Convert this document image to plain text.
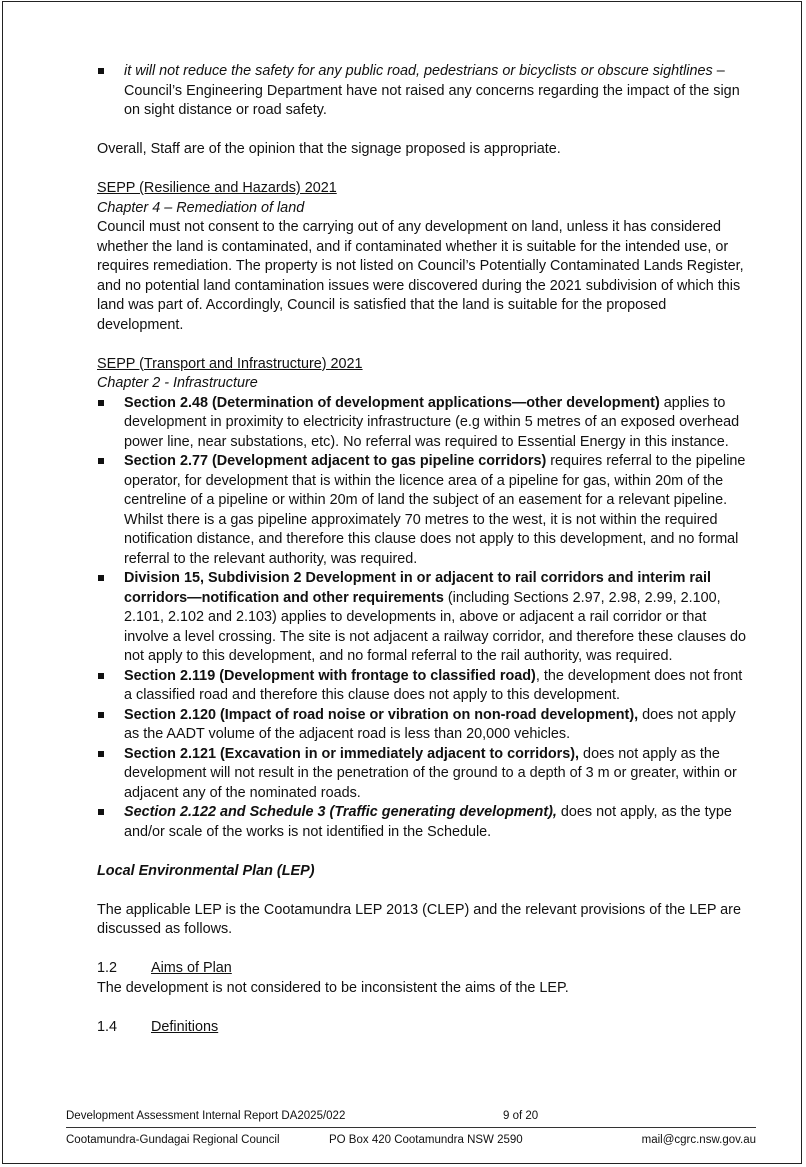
it will not reduce the safety for any public road, pedestrians or bicyclists or obscure sightlines – Council’s Engineering Department have not raised any concerns regarding the impact of the sign on sight distance or road safety.

Overall, Staff are of the opinion that the signage proposed is appropriate.

SEPP (Resilience and Hazards) 2021

Chapter 4 – Remediation of land

Council must not consent to the carrying out of any development on land, unless it has considered whether the land is contaminated, and if contaminated whether it is suitable for the intended use, or requires remediation. The property is not listed on Council’s Potentially Contaminated Lands Register, and no potential land contamination issues were discovered during the 2021 subdivision of which this land was part of. Accordingly, Council is satisfied that the land is suitable for the proposed development.

SEPP (Transport and Infrastructure) 2021

Chapter 2 - Infrastructure

Section 2.48 (Determination of development applications—other development) applies to development in proximity to electricity infrastructure (e.g within 5 metres of an exposed overhead power line, near substations, etc). No referral was required to Essential Energy in this instance.
Section 2.77 (Development adjacent to gas pipeline corridors) requires referral to the pipeline operator, for development that is within the licence area of a pipeline for gas, within 20m of the centreline of a pipeline or within 20m of land the subject of an easement for a relevant pipeline. Whilst there is a gas pipeline approximately 70 metres to the west, it is not within the required notification distance, and therefore this clause does not apply to this development, and no formal referral to the relevant authority, was required.
Division 15, Subdivision 2 Development in or adjacent to rail corridors and interim rail corridors—notification and other requirements (including Sections 2.97, 2.98, 2.99, 2.100, 2.101, 2.102 and 2.103) applies to developments in, above or adjacent a rail corridor or that involve a level crossing. The site is not adjacent a railway corridor, and therefore these clauses do not apply to this development, and no formal referral to the rail authority, was required.
Section 2.119 (Development with frontage to classified road), the development does not front a classified road and therefore this clause does not apply to this development.
Section 2.120 (Impact of road noise or vibration on non-road development), does not apply as the AADT volume of the adjacent road is less than 20,000 vehicles.
Section 2.121 (Excavation in or immediately adjacent to corridors), does not apply as the development will not result in the penetration of the ground to a depth of 3 m or greater, within or adjacent any of the nominated roads.
Section 2.122 and Schedule 3 (Traffic generating development), does not apply, as the type and/or scale of the works is not identified in the Schedule.

Local Environmental Plan (LEP)

The applicable LEP is the Cootamundra LEP 2013 (CLEP) and the relevant provisions of the LEP are discussed as follows.

1.2	Aims of Plan

The development is not considered to be inconsistent the aims of the LEP.

1.4	Definitions
Development Assessment Internal Report DA2025/022	9 of 20
Cootamundra-Gundagai Regional Council	PO Box 420 Cootamundra NSW 2590	mail@cgrc.nsw.gov.au
